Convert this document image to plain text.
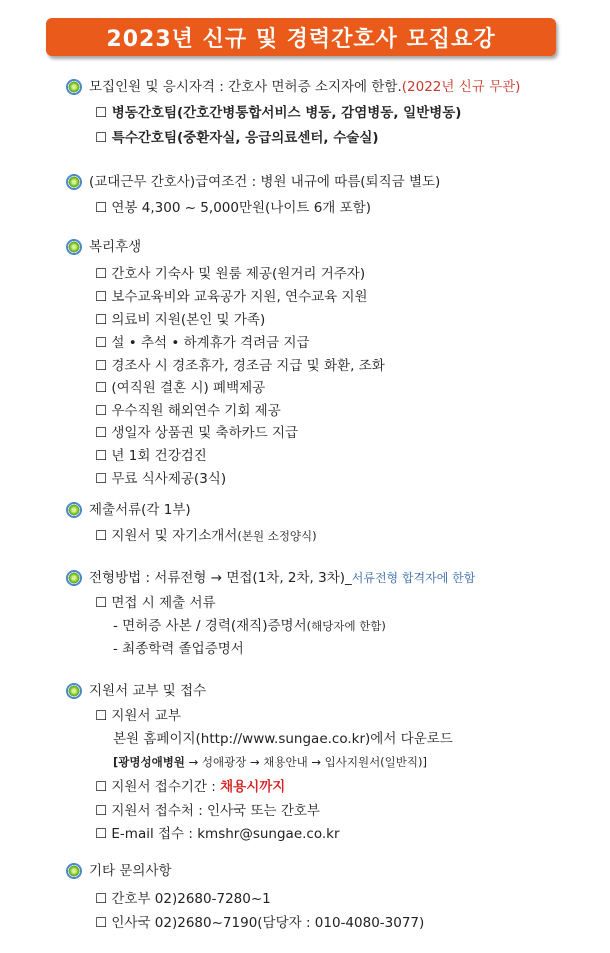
2023년 신규 및 경력간호사 모집요강
모집인원 및 응시자격 : 간호사 면허증 소지자에 한함. (2022년 신규 무관)
☐ 병동간호팀(간호간병통합서비스 병동, 감염병동, 일반병동)
☐ 특수간호팀(중환자실, 응급의료센터, 수술실)
(교대근무 간호사)급여조건 : 병원 내규에 따름(퇴직금 별도)
☐ 연봉 4,300 ~ 5,000만원(나이트 6개 포함)
복리후생
☐ 간호사 기숙사 및 원룸 제공(원거리 거주자)
☐ 보수교육비와 교육공가 지원, 연수교육 지원
☐ 의료비 지원(본인 및 가족)
☐ 설 • 추석 • 하계휴가 격려금 지급
☐ 경조사 시 경조휴가, 경조금 지급 및 화환, 조화
☐ (여직원 결혼 시) 폐백제공
☐ 우수직원 해외연수 기회 제공
☐ 생일자 상품권 및 축하카드 지급
☐ 년 1회 건강검진
☐ 무료 식사제공(3식)
제출서류(각 1부)
☐ 지원서 및 자기소개서(본원 소정양식)
전형방법 : 서류전형 → 면접(1차, 2차, 3차)_ 서류전형 합격자에 한함
☐ 면접 시 제출 서류
- 면허증 사본 / 경력(재직)증명서(해당자에 한함)
- 최종학력 졸업증명서
지원서 교부 및 접수
☐ 지원서 교부
본원 홈페이지(http://www.sungae.co.kr)에서 다운로드
[광명성애병원 → 성애광장 → 채용안내 → 입사지원서(일반직)]
☐ 지원서 접수기간 : 채용시까지
☐ 지원서 접수처 : 인사국 또는 간호부
☐ E-mail 접수 : kmshr@sungae.co.kr
기타 문의사항
☐ 간호부 02)2680-7280~1
☐ 인사국 02)2680~7190(담당자 : 010-4080-3077)
